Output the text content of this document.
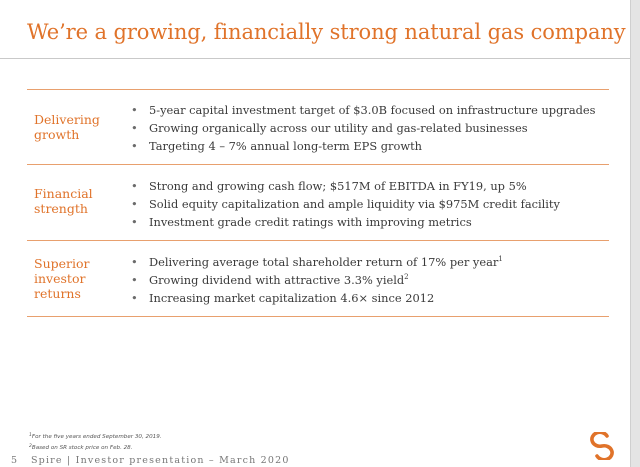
We’re a growing, financially strong natural gas company
Delivering
growth
• 5-year capital investment target of $3.0B focused on infrastructure upgrades
• Growing organically across our utility and gas-related businesses
• Targeting 4 – 7% annual long-term EPS growth
Financial
strength
• Strong and growing cash flow; $517M of EBITDA in FY19, up 5%
• Solid equity capitalization and ample liquidity via $975M credit facility
• Investment grade credit ratings with improving metrics
Superior
investor
returns
• Delivering average total shareholder return of 17% per year$^1$
• Growing dividend with attractive 3.3% yield$^2$
• Increasing market capitalization 4.6× since 2012
$^1$For the five years ended September 30, 2019.
$^2$Based on SR stock price on Feb. 28.
5 Spire | Investor presentation – March 2020
